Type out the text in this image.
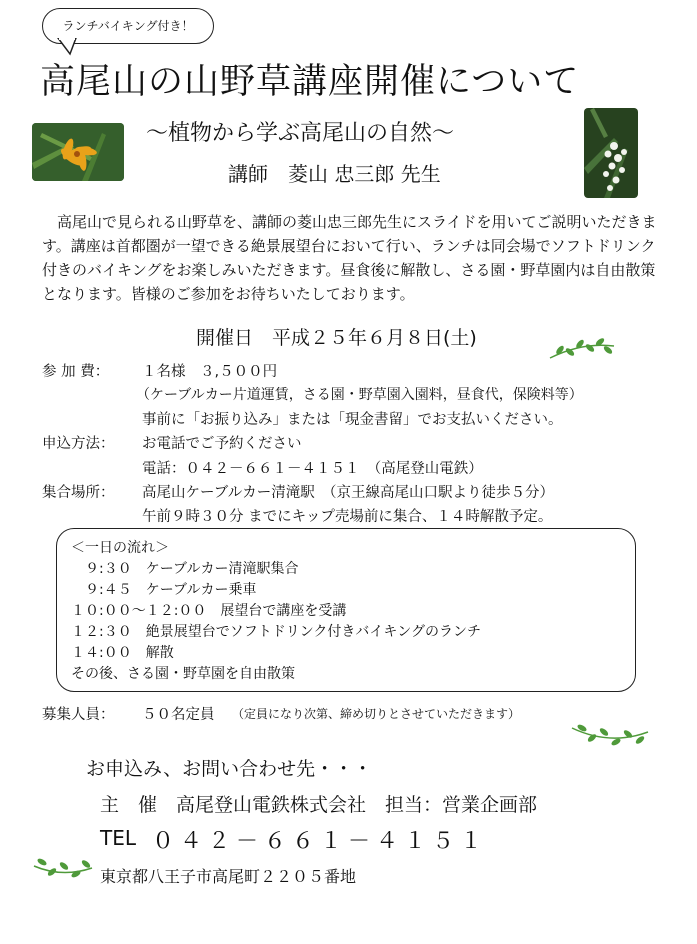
ランチバイキング付き！
高尾山の山野草講座開催について
～植物から学ぶ高尾山の自然～
講師　菱山 忠三郎 先生
高尾山で見られる山野草を、講師の菱山忠三郎先生にスライドを用いてご説明いただきます。講座は首都圏が一望できる絶景展望台において行い、ランチは同会場でソフトドリンク付きのバイキングをお楽しみいただきます。昼食後に解散し、さる園・野草園内は自由散策となります。皆様のご参加をお待ちいたしております。
開催日　平成２５年６月８日(土)
参 加 費： １名様　３,５００円
（ケーブルカー片道運賃，さる園・野草園入園料，昼食代，保険料等）
事前に「お振り込み」または「現金書留」でお支払いください。
申込方法： お電話でご予約ください
電話：０４２－６６１－４１５１　（高尾登山電鉄）
集合場所： 高尾山ケーブルカー清滝駅　（京王線高尾山口駅より徒歩５分）
午前９時３０分 までにキップ売場前に集合、１４時解散予定。
＜一日の流れ＞
　９:３０　ケーブルカー清滝駅集合
　９:４５　ケーブルカー乗車
１０:００～１２:００　展望台で講座を受講
１２:３０　絶景展望台でソフトドリンク付きバイキングのランチ
１４:００　解散
その後、さる園・野草園を自由散策
募集人員： ５０名定員 （定員になり次第、締め切りとさせていただきます）
お申込み、お問い合わせ先・・・
主　催　高尾登山電鉄株式会社　担当：営業企画部
TEL ０４２－６６１－４１５１
東京都八王子市高尾町２２０５番地
